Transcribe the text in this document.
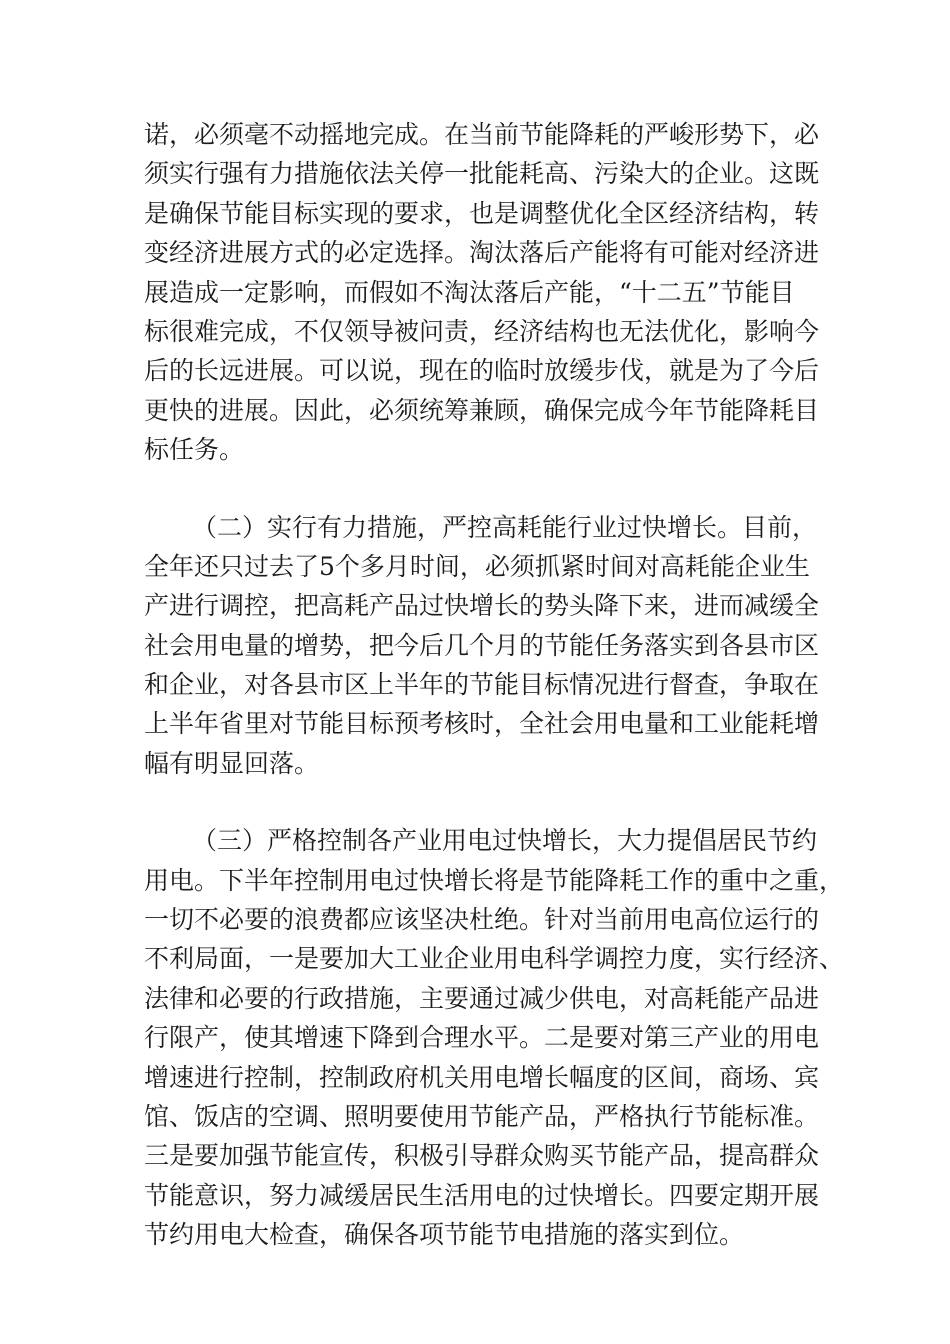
诺，必须毫不动摇地完成。在当前节能降耗的严峻形势下，必
须实行强有力措施依法关停一批能耗高、污染大的企业。这既
是确保节能目标实现的要求，也是调整优化全区经济结构，转
变经济进展方式的必定选择。淘汰落后产能将有可能对经济进
展造成一定影响，而假如不淘汰落后产能，“十二五”节能目
标很难完成，不仅领导被问责，经济结构也无法优化，影响今
后的长远进展。可以说，现在的临时放缓步伐，就是为了今后
更快的进展。因此，必须统筹兼顾，确保完成今年节能降耗目
标任务。
（二）实行有力措施，严控高耗能行业过快增长。目前，
全年还只过去了5个多月时间，必须抓紧时间对高耗能企业生
产进行调控，把高耗产品过快增长的势头降下来，进而减缓全
社会用电量的增势，把今后几个月的节能任务落实到各县市区
和企业，对各县市区上半年的节能目标情况进行督查，争取在
上半年省里对节能目标预考核时，全社会用电量和工业能耗增
幅有明显回落。
（三）严格控制各产业用电过快增长，大力提倡居民节约
用电。下半年控制用电过快增长将是节能降耗工作的重中之重，
一切不必要的浪费都应该坚决杜绝。针对当前用电高位运行的
不利局面，一是要加大工业企业用电科学调控力度，实行经济、
法律和必要的行政措施，主要通过减少供电，对高耗能产品进
行限产，使其增速下降到合理水平。二是要对第三产业的用电
增速进行控制，控制政府机关用电增长幅度的区间，商场、宾
馆、饭店的空调、照明要使用节能产品，严格执行节能标准。
三是要加强节能宣传，积极引导群众购买节能产品，提高群众
节能意识，努力减缓居民生活用电的过快增长。四要定期开展
节约用电大检查，确保各项节能节电措施的落实到位。
